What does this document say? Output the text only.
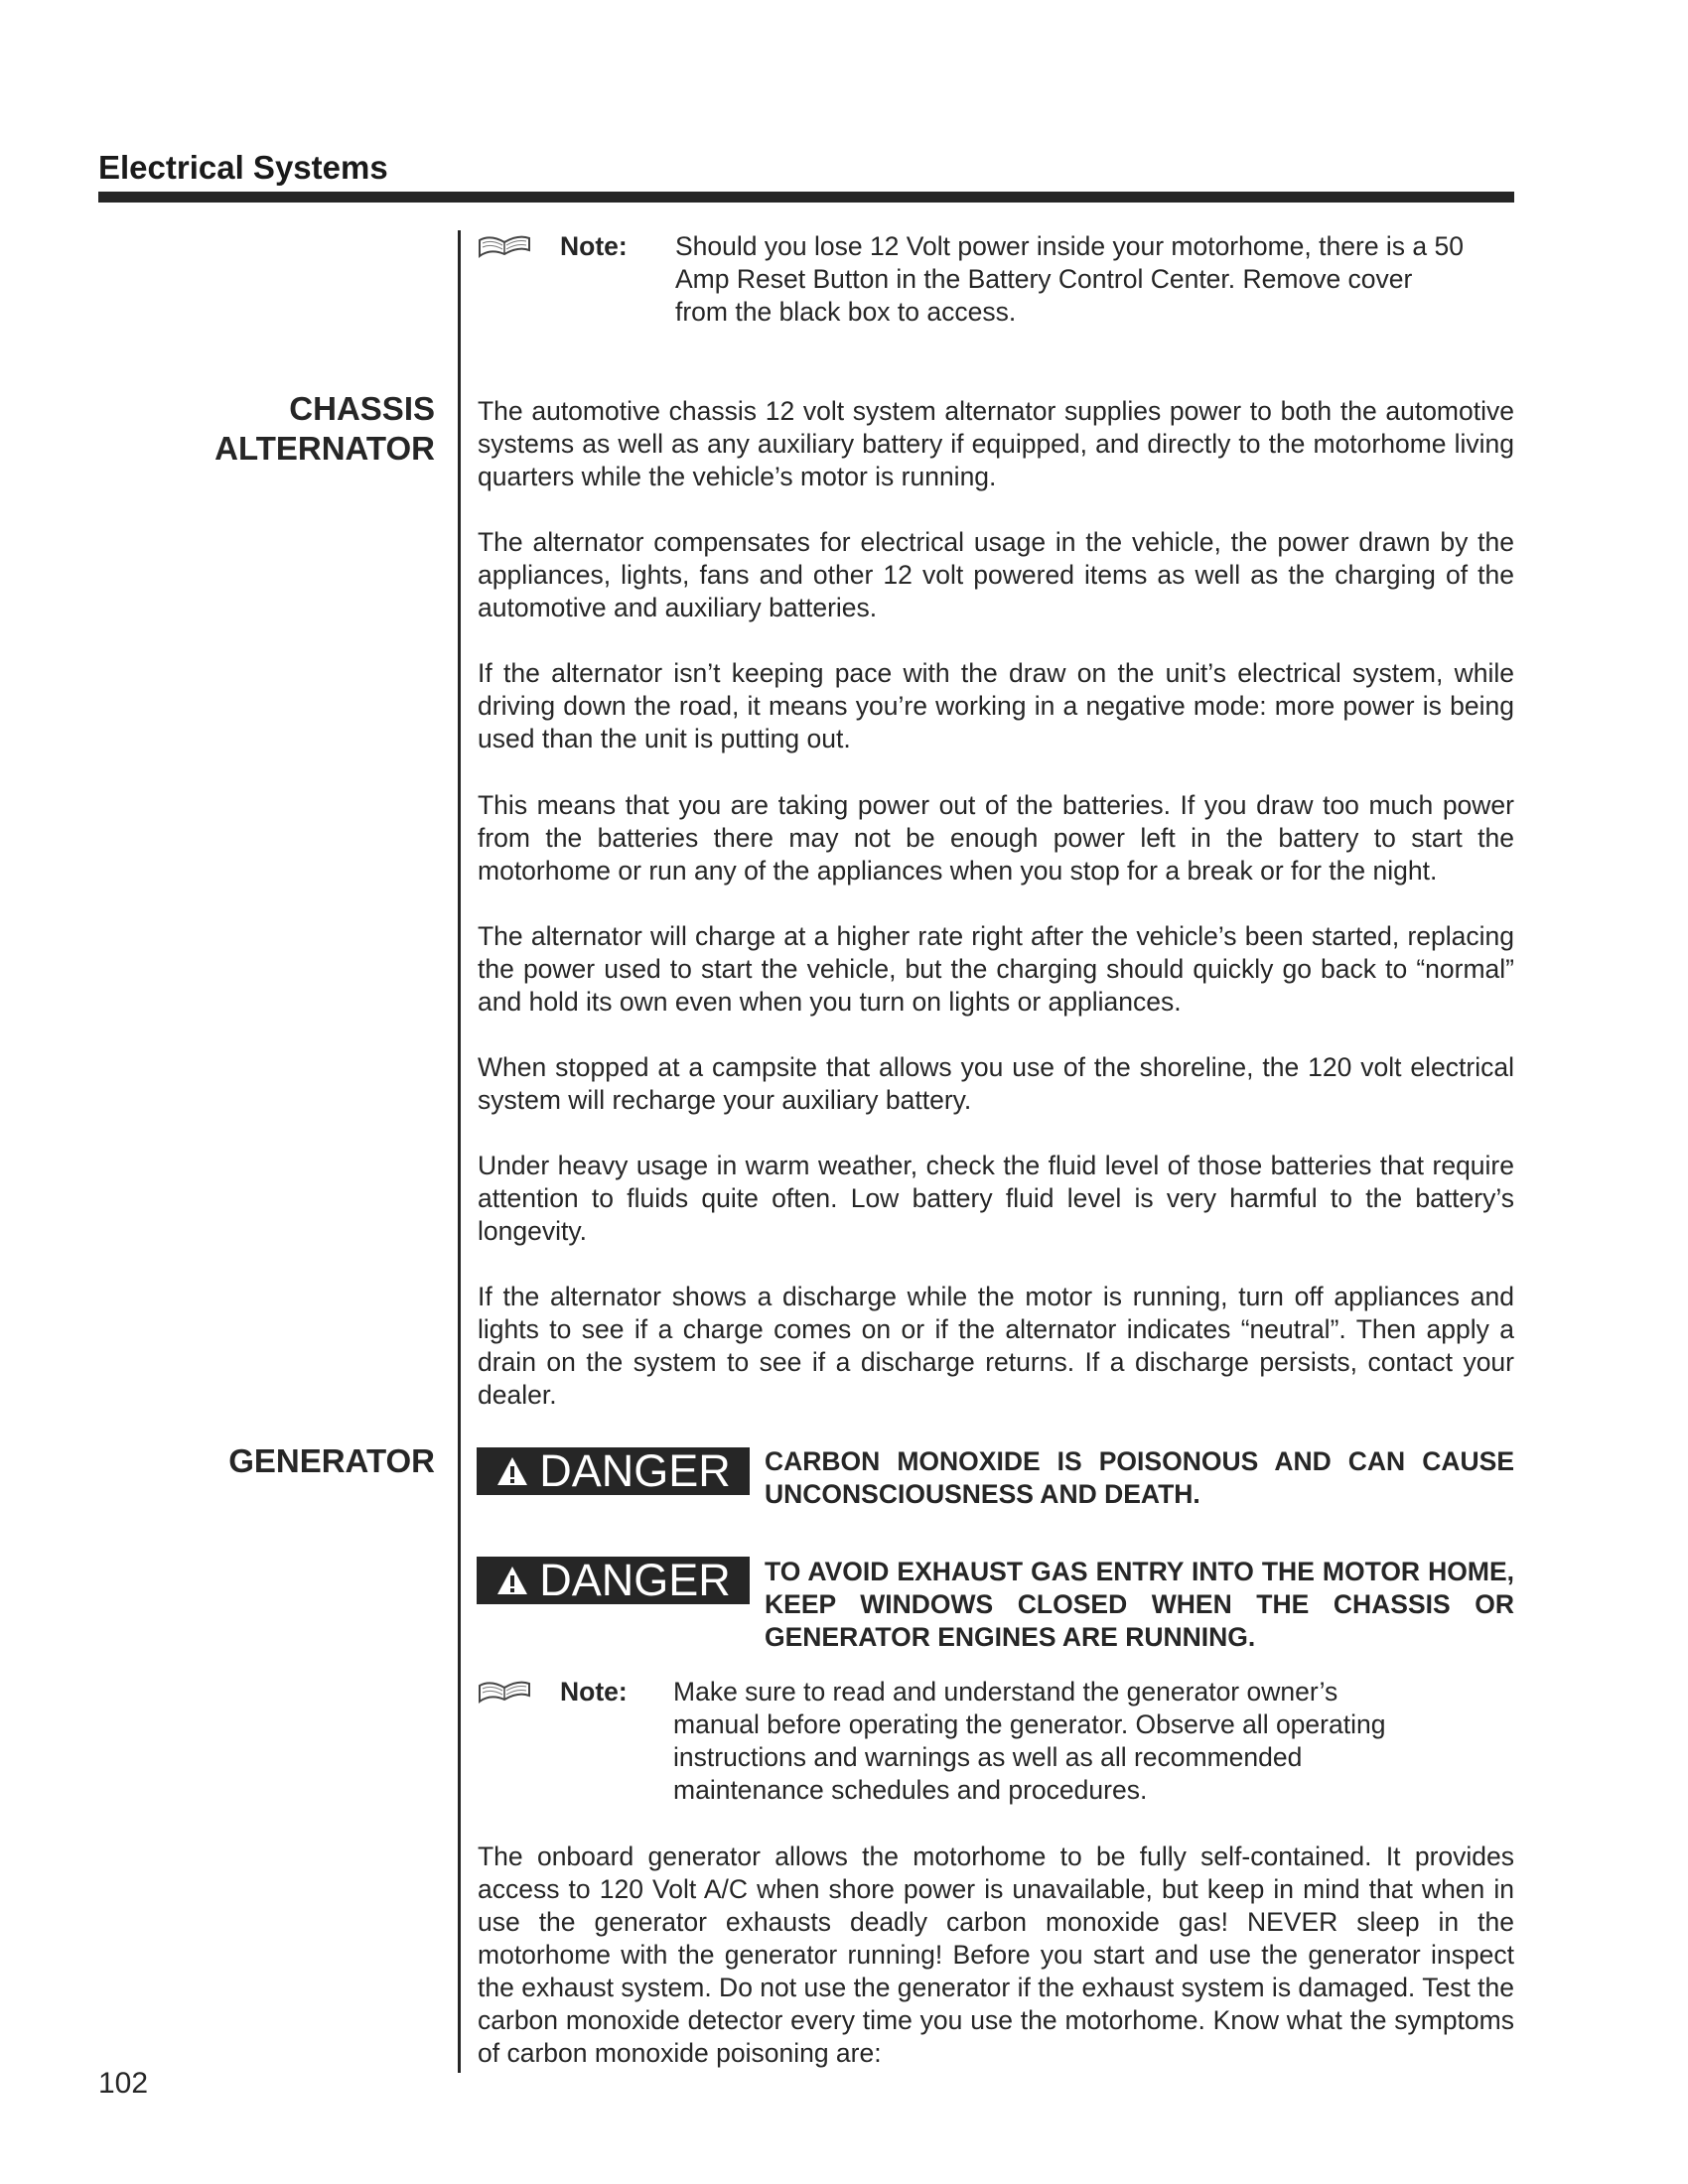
Electrical Systems
Note: Should you lose 12 Volt power inside your motorhome, there is a 50
Amp Reset Button in the Battery Control Center. Remove cover
from the black box to access.
CHASSIS
ALTERNATOR

The automotive chassis 12 volt system alternator supplies power to both the automotive systems as well as any auxiliary battery if equipped, and directly to the motorhome living quarters while the vehicle’s motor is running.

The alternator compensates for electrical usage in the vehicle, the power drawn by the appliances, lights, fans and other 12 volt powered items as well as the charging of the automotive and auxiliary batteries.

If the alternator isn’t keeping pace with the draw on the unit’s electrical system, while driving down the road, it means you’re working in a negative mode: more power is being used than the unit is putting out.

This means that you are taking power out of the batteries. If you draw too much power from the batteries there may not be enough power left in the battery to start the motorhome or run any of the appliances when you stop for a break or for the night.

The alternator will charge at a higher rate right after the vehicle’s been started, replacing the power used to start the vehicle, but the charging should quickly go back to “normal” and hold its own even when you turn on lights or appliances.

When stopped at a campsite that allows you use of the shoreline, the 120 volt electrical system will recharge your auxiliary battery.

Under heavy usage in warm weather, check the fluid level of those batteries that require attention to fluids quite often. Low battery fluid level is very harmful to the battery’s longevity.

If the alternator shows a discharge while the motor is running, turn off appliances and lights to see if a charge comes on or if the alternator indicates “neutral”. Then apply a drain on the system to see if a discharge returns. If a discharge persists, contact your dealer.

GENERATOR DANGER CARBON MONOXIDE IS POISONOUS AND CAN CAUSE UNCONSCIOUSNESS AND DEATH.
DANGER TO AVOID EXHAUST GAS ENTRY INTO THE MOTOR HOME, KEEP WINDOWS CLOSED WHEN THE CHASSIS OR GENERATOR ENGINES ARE RUNNING.
Note: Make sure to read and understand the generator owner’s
manual before operating the generator. Observe all operating
instructions and warnings as well as all recommended
maintenance schedules and procedures.

The onboard generator allows the motorhome to be fully self-contained. It provides access to 120 Volt A/C when shore power is unavailable, but keep in mind that when in use the generator exhausts deadly carbon monoxide gas! NEVER sleep in the motorhome with the generator running! Before you start and use the generator inspect the exhaust system. Do not use the generator if the exhaust system is damaged. Test the carbon monoxide detector every time you use the motorhome. Know what the symptoms of carbon monoxide poisoning are:

102
